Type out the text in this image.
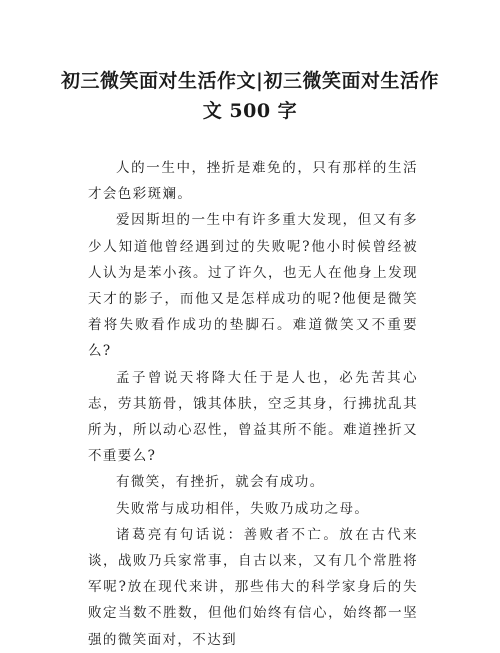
初三微笑面对生活作文|初三微笑面对生活作文 500 字

人的一生中，挫折是难免的，只有那样的生活才会色彩斑斓。

爱因斯坦的一生中有许多重大发现，但又有多少人知道他曾经遇到过的失败呢?他小时候曾经被人认为是苯小孩。过了许久，也无人在他身上发现天才的影子，而他又是怎样成功的呢?他便是微笑着将失败看作成功的垫脚石。难道微笑又不重要么?

孟子曾说天将降大任于是人也，必先苦其心志，劳其筋骨，饿其体肤，空乏其身，行拂扰乱其所为，所以动心忍性，曾益其所不能。难道挫折又不重要么?

有微笑，有挫折，就会有成功。

失败常与成功相伴，失败乃成功之母。

诸葛亮有句话说：善败者不亡。放在古代来谈，战败乃兵家常事，自古以来，又有几个常胜将军呢?放在现代来讲，那些伟大的科学家身后的失败定当数不胜数，但他们始终有信心，始终都一坚强的微笑面对，不达到
